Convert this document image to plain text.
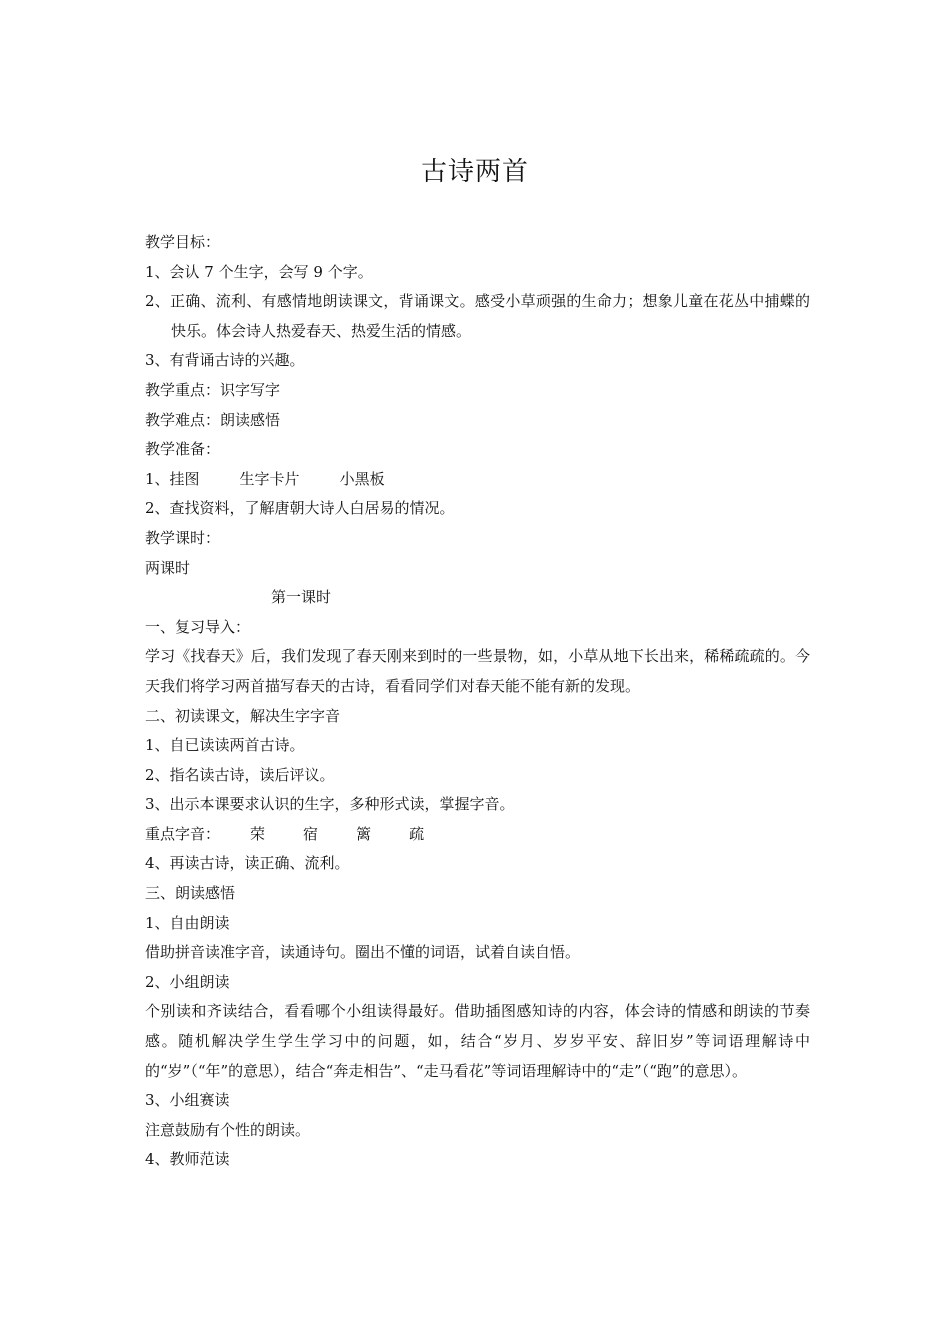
古诗两首
教学目标：
1、会认 7 个生字，会写 9 个字。
2、正确、流利、有感情地朗读课文，背诵课文。感受小草顽强的生命力；想象儿童在花丛中捕蝶的快乐。体会诗人热爱春天、热爱生活的情感。
3、有背诵古诗的兴趣。
教学重点：识字写字
教学难点：朗读感悟
教学准备：
1、挂图	生字卡片	小黑板
2、查找资料，了解唐朝大诗人白居易的情况。
教学课时：
两课时
第一课时
一、复习导入：
学习《找春天》后，我们发现了春天刚来到时的一些景物，如，小草从地下长出来，稀稀疏疏的。今天我们将学习两首描写春天的古诗，看看同学们对春天能不能有新的发现。
二、初读课文，解决生字字音
1、自已读读两首古诗。
2、指名读古诗，读后评议。
3、出示本课要求认识的生字，多种形式读，掌握字音。
重点字音： 荣	宿	篱	疏
4、再读古诗，读正确、流利。
三、朗读感悟
1、自由朗读
借助拼音读准字音，读通诗句。圈出不懂的词语，试着自读自悟。
2、小组朗读
个别读和齐读结合，看看哪个小组读得最好。借助插图感知诗的内容，体会诗的情感和朗读的节奏感。随机解决学生学生学习中的问题，如，结合“岁月、岁岁平安、辞旧岁”等词语理解诗中的“岁”（“年”的意思），结合“奔走相告”、“走马看花”等词语理解诗中的“走”（“跑”的意思）。
3、小组赛读
注意鼓励有个性的朗读。
4、教师范读
